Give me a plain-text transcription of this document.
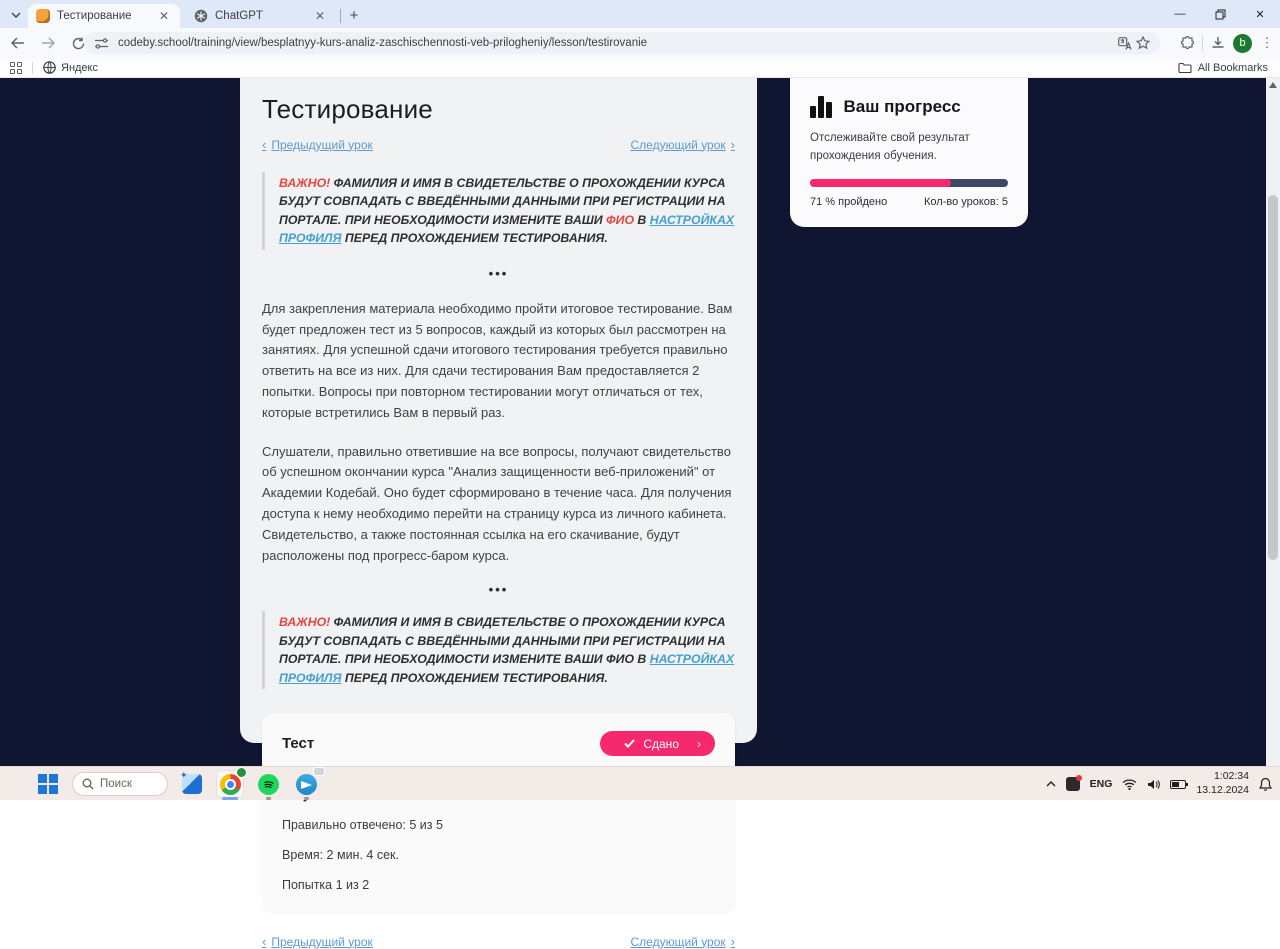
Тестирование	✕	ChatGPT	✕	+	—	✕
codeby.school/training/view/besplatnyy-kurs-analiz-zaschischennosti-veb-prilogheniy/lesson/testirovanie	b	⋮
Яндекс	All Bookmarks
Тестирование
‹ Предыдущий урок	Следующий урок ›
ВАЖНО! ФАМИЛИЯ И ИМЯ В СВИДЕТЕЛЬСТВЕ О ПРОХОЖДЕНИИ КУРСА БУДУТ СОВПАДАТЬ С ВВЕДЁННЫМИ ДАННЫМИ ПРИ РЕГИСТРАЦИИ НА ПОРТАЛЕ. ПРИ НЕОБХОДИМОСТИ ИЗМЕНИТЕ ВАШИ ФИО В НАСТРОЙКАХ ПРОФИЛЯ ПЕРЕД ПРОХОЖДЕНИЕМ ТЕСТИРОВАНИЯ.
•••

Для закрепления материала необходимо пройти итоговое тестирование. Вам будет предложен тест из 5 вопросов, каждый из которых был рассмотрен на занятиях. Для успешной сдачи итогового тестирования требуется правильно ответить на все из них. Для сдачи тестирования Вам предоставляется 2 попытки. Вопросы при повторном тестировании могут отличаться от тех, которые встретились Вам в первый раз.

Слушатели, правильно ответившие на все вопросы, получают свидетельство об успешном окончании курса "Анализ защищенности веб-приложений" от Академии Кодебай. Оно будет сформировано в течение часа. Для получения доступа к нему необходимо перейти на страницу курса из личного кабинета. Свидетельство, а также постоянная ссылка на его скачивание, будут расположены под прогресс-баром курса.

•••
ВАЖНО! ФАМИЛИЯ И ИМЯ В СВИДЕТЕЛЬСТВЕ О ПРОХОЖДЕНИИ КУРСА БУДУТ СОВПАДАТЬ С ВВЕДЁННЫМИ ДАННЫМИ ПРИ РЕГИСТРАЦИИ НА ПОРТАЛЕ. ПРИ НЕОБХОДИМОСТИ ИЗМЕНИТЕ ВАШИ ФИО В НАСТРОЙКАХ ПРОФИЛЯ ПЕРЕД ПРОХОЖДЕНИЕМ ТЕСТИРОВАНИЯ.
Тест	Сдано ›
Правильно отвечено: 5 из 5
Время: 2 мин. 4 сек.
Попытка 1 из 2
‹ Предыдущий урок	Следующий урок ›
Ваш прогресс
Отслеживайте свой результат прохождения обучения.
71 % пройдено	Кол-во уроков: 5
Поиск ✦	ENG
1:02:34
13.12.2024
